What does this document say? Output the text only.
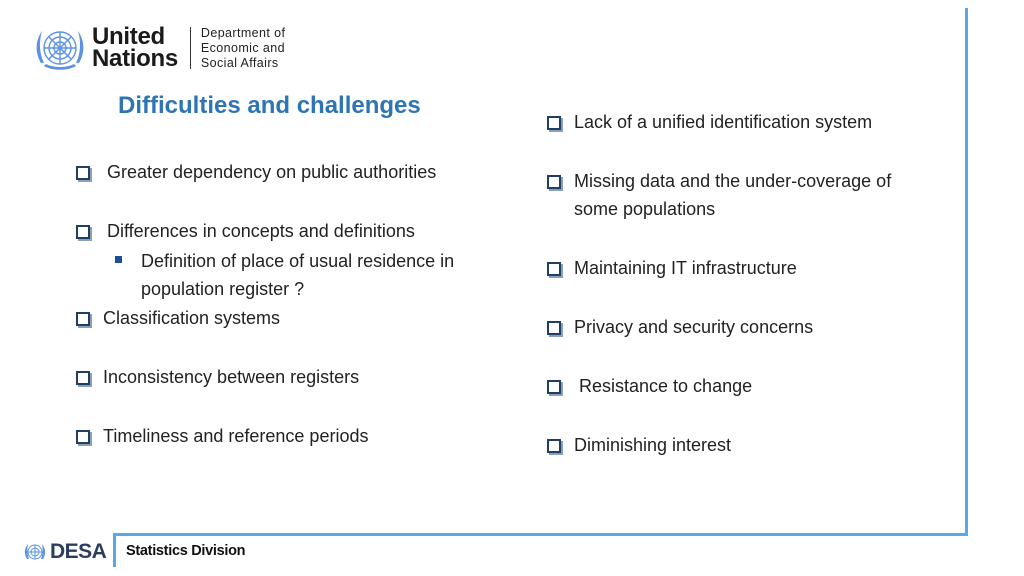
United
Nations
Department of
Economic and
Social Affairs
Difficulties and challenges
Greater dependency on public authorities
Differences in concepts and definitions
Definition of place of usual residence in
population register ?
Classification systems
Inconsistency between registers
Timeliness and reference periods
Lack of a unified identification system
Missing data and the under-coverage of
some populations
Maintaining IT infrastructure
Privacy and security concerns
Resistance to change
Diminishing interest
DESA Statistics Division
